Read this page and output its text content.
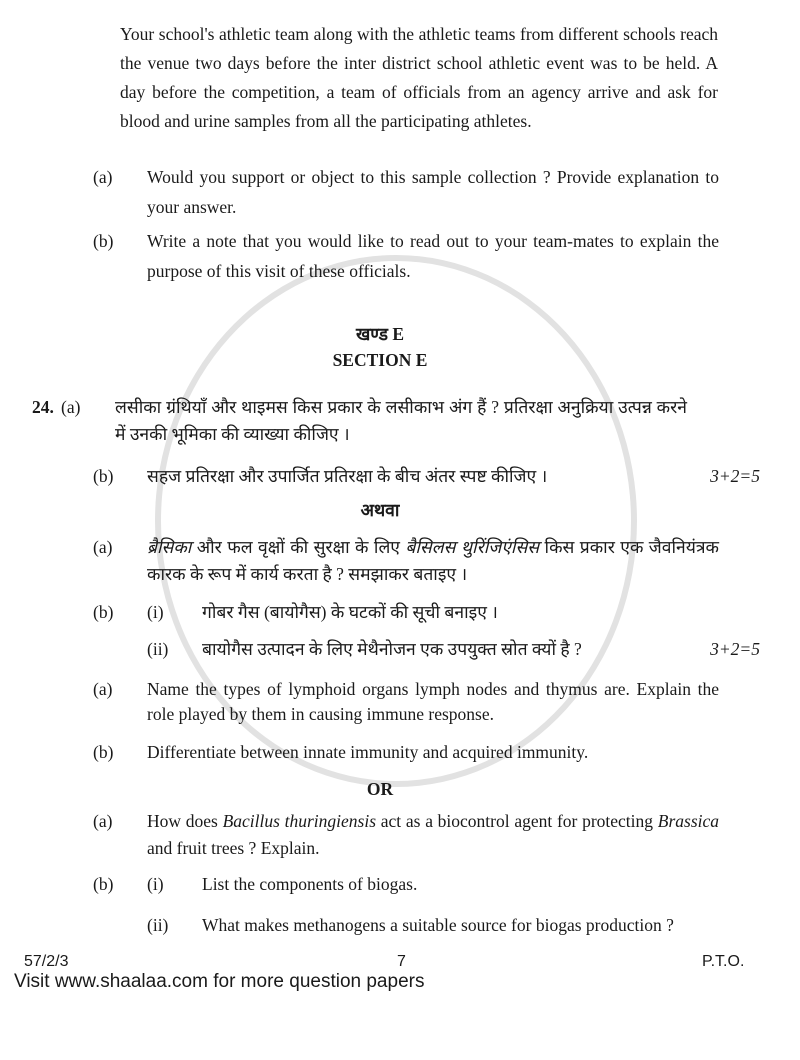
Your school's athletic team along with the athletic teams from different schools reach the venue two days before the inter district school athletic event was to be held. A day before the competition, a team of officials from an agency arrive and ask for blood and urine samples from all the participating athletes.
(a)	Would you support or object to this sample collection ? Provide explanation to your answer.
(b)	Write a note that you would like to read out to your team-mates to explain the purpose of this visit of these officials.
खण्ड E
SECTION E
24. (a)	लसीका ग्रंथियाँ और थाइमस किस प्रकार के लसीकाभ अंग हैं ? प्रतिरक्षा अनुक्रिया उत्पन्न करने में उनकी भूमिका की व्याख्या कीजिए ।
(b)	सहज प्रतिरक्षा और उपार्जित प्रतिरक्षा के बीच अंतर स्पष्ट कीजिए ।	3+2=5
अथवा
(a)	ब्रैसिका और फल वृक्षों की सुरक्षा के लिए बैसिलस थुरिंजिएंसिस किस प्रकार एक जैवनियंत्रक कारक के रूप में कार्य करता है ? समझाकर बताइए ।
(b)	(i)	गोबर गैस (बायोगैस) के घटकों की सूची बनाइए ।
(ii)	बायोगैस उत्पादन के लिए मेथैनोजन एक उपयुक्त स्रोत क्यों है ?	3+2=5
(a)	Name the types of lymphoid organs lymph nodes and thymus are. Explain the role played by them in causing immune response.
(b)	Differentiate between innate immunity and acquired immunity.
OR
(a)	How does Bacillus thuringiensis act as a biocontrol agent for protecting Brassica and fruit trees ? Explain.
(b)	(i)	List the components of biogas.
(ii)	What makes methanogens a suitable source for biogas production ?
57/2/3	7	P.T.O.
Visit www.shaalaa.com for more question papers
